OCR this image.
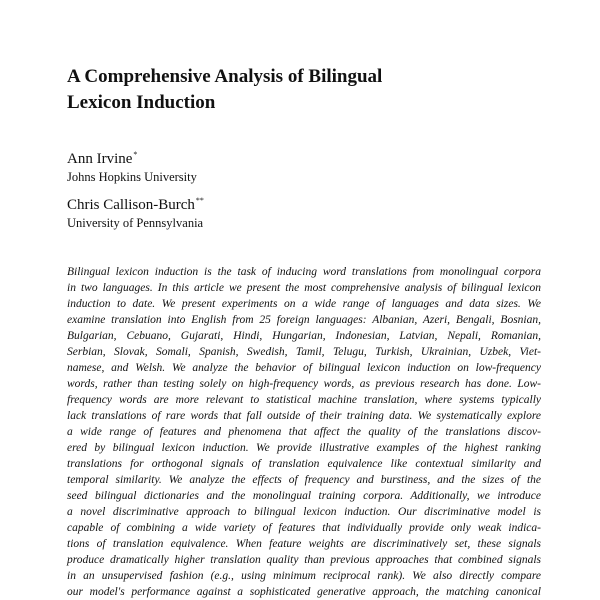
A Comprehensive Analysis of Bilingual
Lexicon Induction
Ann Irvine*
Johns Hopkins University
Chris Callison-Burch**
University of Pennsylvania
Bilingual lexicon induction is the task of inducing word translations from monolingual corpora
in two languages. In this article we present the most comprehensive analysis of bilingual lexicon
induction to date. We present experiments on a wide range of languages and data sizes. We
examine translation into English from 25 foreign languages: Albanian, Azeri, Bengali, Bosnian,
Bulgarian, Cebuano, Gujarati, Hindi, Hungarian, Indonesian, Latvian, Nepali, Romanian,
Serbian, Slovak, Somali, Spanish, Swedish, Tamil, Telugu, Turkish, Ukrainian, Uzbek, Viet-
namese, and Welsh. We analyze the behavior of bilingual lexicon induction on low-frequency
words, rather than testing solely on high-frequency words, as previous research has done. Low-
frequency words are more relevant to statistical machine translation, where systems typically
lack translations of rare words that fall outside of their training data. We systematically explore
a wide range of features and phenomena that affect the quality of the translations discov-
ered by bilingual lexicon induction. We provide illustrative examples of the highest ranking
translations for orthogonal signals of translation equivalence like contextual similarity and
temporal similarity. We analyze the effects of frequency and burstiness, and the sizes of the
seed bilingual dictionaries and the monolingual training corpora. Additionally, we introduce
a novel discriminative approach to bilingual lexicon induction. Our discriminative model is
capable of combining a wide variety of features that individually provide only weak indica-
tions of translation equivalence. When feature weights are discriminatively set, these signals
produce dramatically higher translation quality than previous approaches that combined signals
in an unsupervised fashion (e.g., using minimum reciprocal rank). We also directly compare
our model's performance against a sophisticated generative approach, the matching canonical
